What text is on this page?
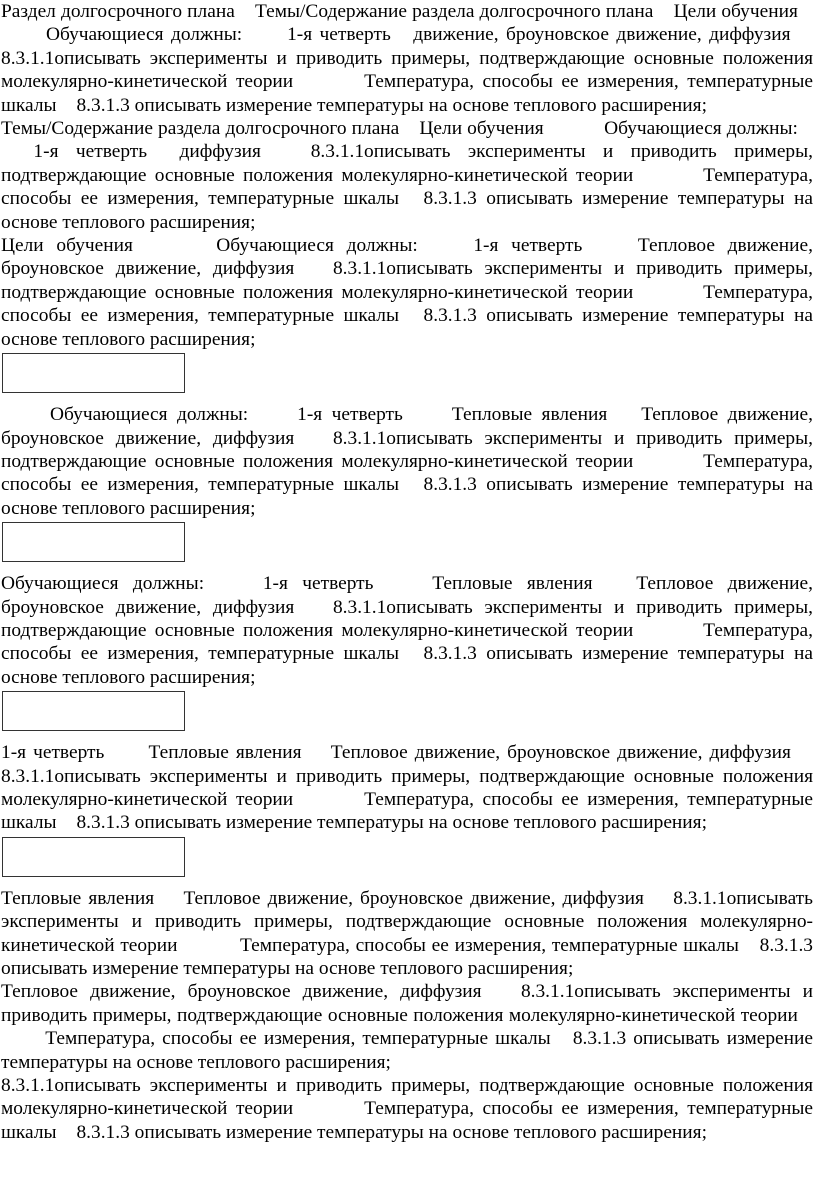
Раздел долгосрочного плана Темы/Содержание раздела долгосрочного плана Цели обучения Обучающиеся должны: 1-я четверть движение, броуновское движение, диффузия 8.3.1.1описывать эксперименты и приводить примеры, подтверждающие основные положения молекулярно-кинетической теории Температура, способы ее измерения, температурные шкалы 8.3.1.3 описывать измерение температуры на основе теплового расширения;

Темы/Содержание раздела долгосрочного плана Цели обучения Обучающиеся должны: 1-я четверть диффузия 8.3.1.1описывать эксперименты и приводить примеры, подтверждающие основные положения молекулярно-кинетической теории Температура, способы ее измерения, температурные шкалы 8.3.1.3 описывать измерение температуры на основе теплового расширения;

Цели обучения Обучающиеся должны: 1-я четверть Тепловое движение, броуновское движение, диффузия 8.3.1.1описывать эксперименты и приводить примеры, подтверждающие основные положения молекулярно-кинетической теории Температура, способы ее измерения, температурные шкалы 8.3.1.3 описывать измерение температуры на основе теплового расширения;

Обучающиеся должны: 1-я четверть Тепловые явления Тепловое движение, броуновское движение, диффузия 8.3.1.1описывать эксперименты и приводить примеры, подтверждающие основные положения молекулярно-кинетической теории Температура, способы ее измерения, температурные шкалы 8.3.1.3 описывать измерение температуры на основе теплового расширения;

Обучающиеся должны: 1-я четверть Тепловые явления Тепловое движение, броуновское движение, диффузия 8.3.1.1описывать эксперименты и приводить примеры, подтверждающие основные положения молекулярно-кинетической теории Температура, способы ее измерения, температурные шкалы 8.3.1.3 описывать измерение температуры на основе теплового расширения;

1-я четверть Тепловые явления Тепловое движение, броуновское движение, диффузия 8.3.1.1описывать эксперименты и приводить примеры, подтверждающие основные положения молекулярно-кинетической теории Температура, способы ее измерения, температурные шкалы 8.3.1.3 описывать измерение температуры на основе теплового расширения;

Тепловые явления Тепловое движение, броуновское движение, диффузия 8.3.1.1описывать эксперименты и приводить примеры, подтверждающие основные положения молекулярно-кинетической теории Температура, способы ее измерения, температурные шкалы 8.3.1.3 описывать измерение температуры на основе теплового расширения;

Тепловое движение, броуновское движение, диффузия 8.3.1.1описывать эксперименты и приводить примеры, подтверждающие основные положения молекулярно-кинетической теории Температура, способы ее измерения, температурные шкалы 8.3.1.3 описывать измерение температуры на основе теплового расширения;

8.3.1.1описывать эксперименты и приводить примеры, подтверждающие основные положения молекулярно-кинетической теории Температура, способы ее измерения, температурные шкалы 8.3.1.3 описывать измерение температуры на основе теплового расширения;
